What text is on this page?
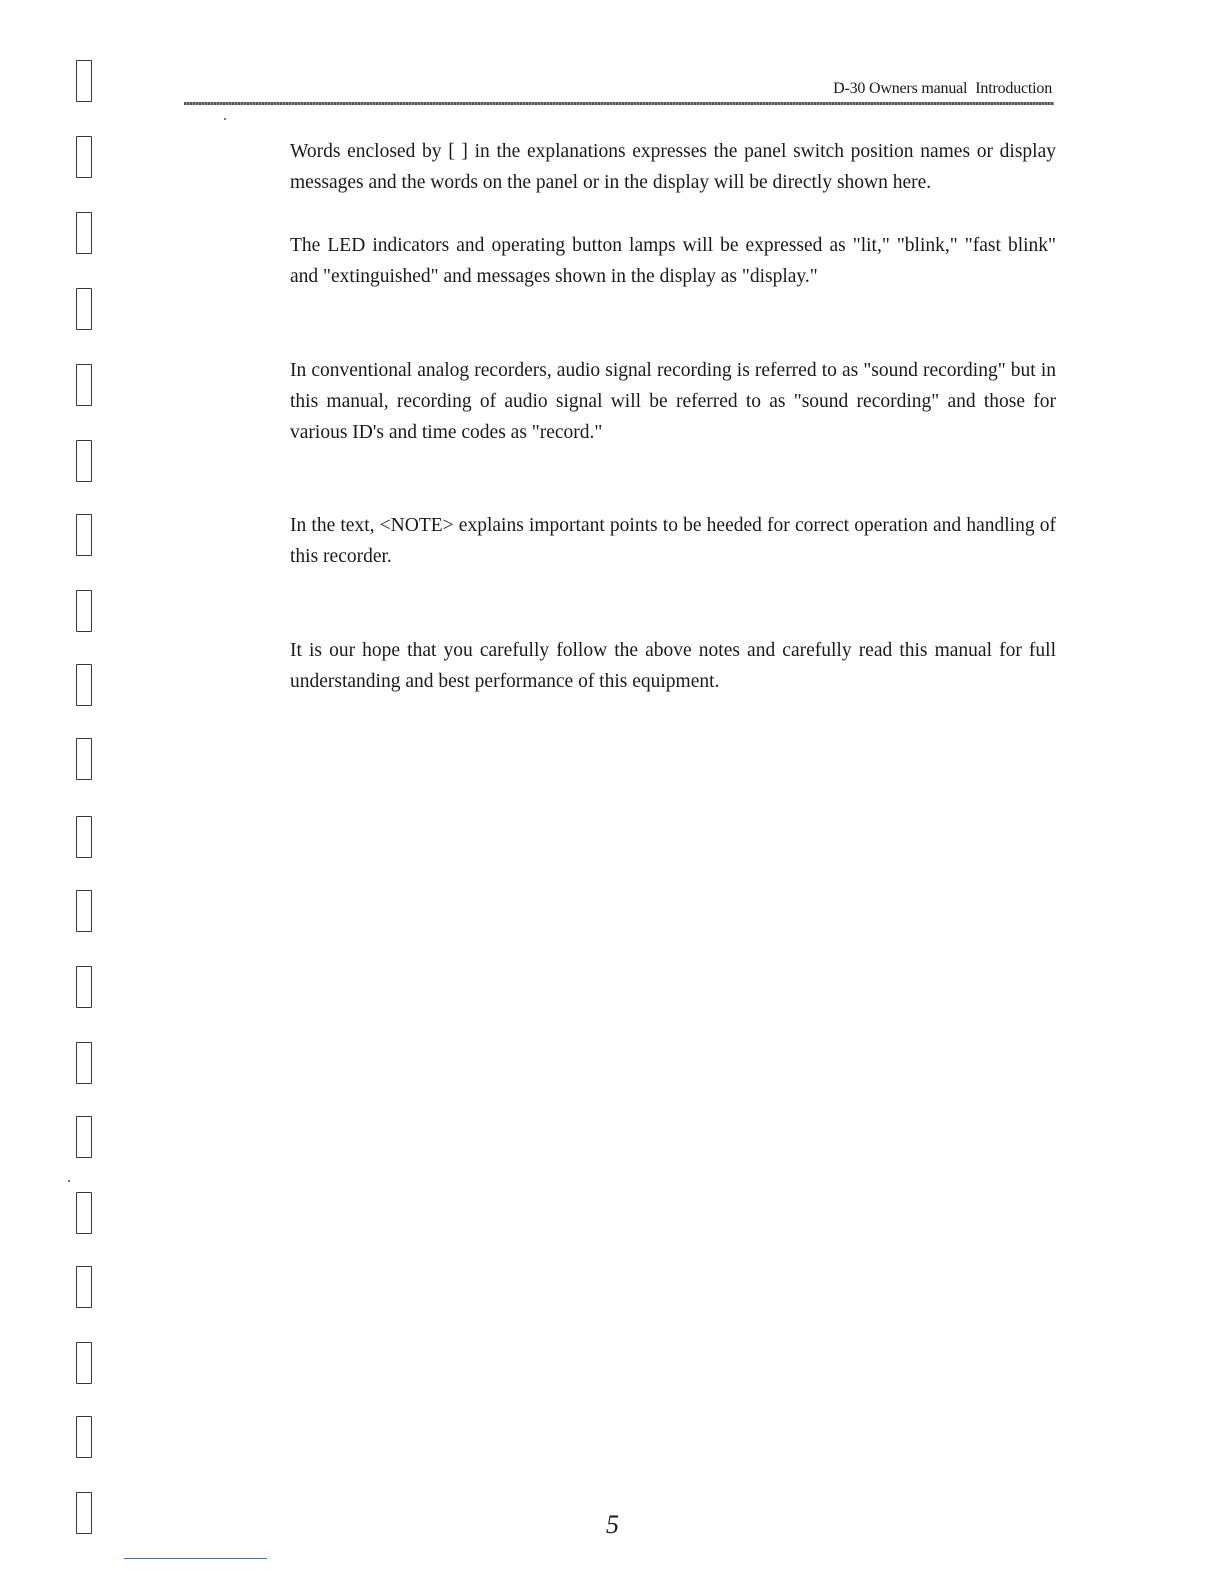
D-30 Owners manual Introduction

Words enclosed by [ ] in the explanations expresses the panel switch position names or display messages and the words on the panel or in the display will be directly shown here.

The LED indicators and operating button lamps will be expressed as "lit," "blink," "fast blink" and "extinguished" and messages shown in the display as "display."

In conventional analog recorders, audio signal recording is referred to as "sound recording" but in this manual, recording of audio signal will be referred to as "sound recording" and those for various ID's and time codes as "record."

In the text, <NOTE> explains important points to be heeded for correct operation and handling of this recorder.

It is our hope that you carefully follow the above notes and carefully read this manual for full understanding and best performance of this equipment.

5
